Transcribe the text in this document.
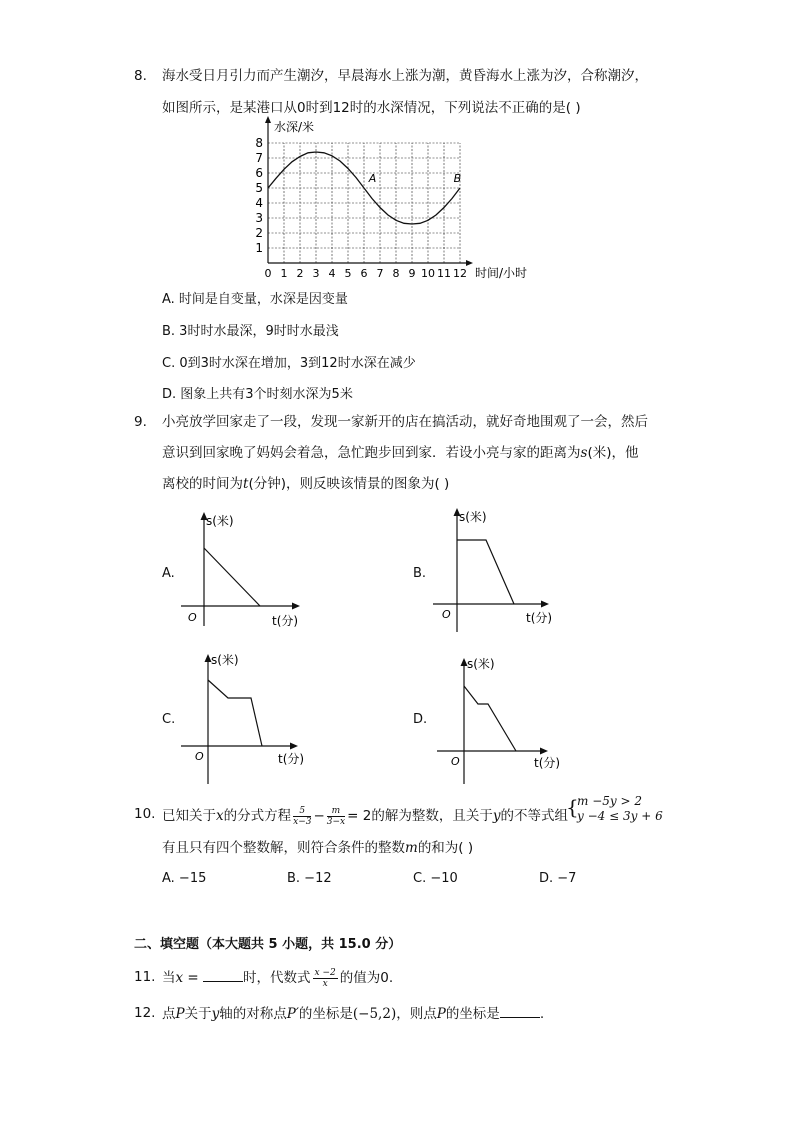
8. 海水受日月引力而产生潮汐，早晨海水上涨为潮，黄昏海水上涨为汐，合称潮汐，
如图所示，是某港口从0时到12时的水深情况，下列说法不正确的是( )
0 1 2 3 4 5 6 7 8 9 10 11 12
1
2
3
4
5
6
7
8
水深/米
时间/小时
A	B
A. 时间是自变量，水深是因变量
B. 3时时水最深，9时时水最浅
C. 0到3时水深在增加，3到12时水深在减少
D. 图象上共有3个时刻水深为5米
9. 小亮放学回家走了一段，发现一家新开的店在搞活动，就好奇地围观了一会，然后
意识到回家晚了妈妈会着急，急忙跑步回到家．若设小亮与家的距离为s(米)，他
离校的时间为t(分钟)，则反映该情景的图象为( )
A.
s(米)
t(分)
O
B.
s(米)
t(分)
O
C.
s(米)
t(分)
O
D.
s(米)
t(分)
O
10. 已知关于x的分式方程 $\frac{5}{x-3} - \frac{m}{3-x} = 2$的解为整数，且关于y的不等式组
{
m −5y > 2
y −4 ≤ 3y + 6
有且只有四个整数解，则符合条件的整数m的和为( )
A. −15	B. −12	C. −10	D. −7
二、填空题（本大题共 5 小题，共 15.0 分）
11. 当x =	时，代数式 $\frac{x -2}{x}$ 的值为0.
12. 点P关于y轴的对称点P′的坐标是(−5,2)，则点P的坐标是	.
